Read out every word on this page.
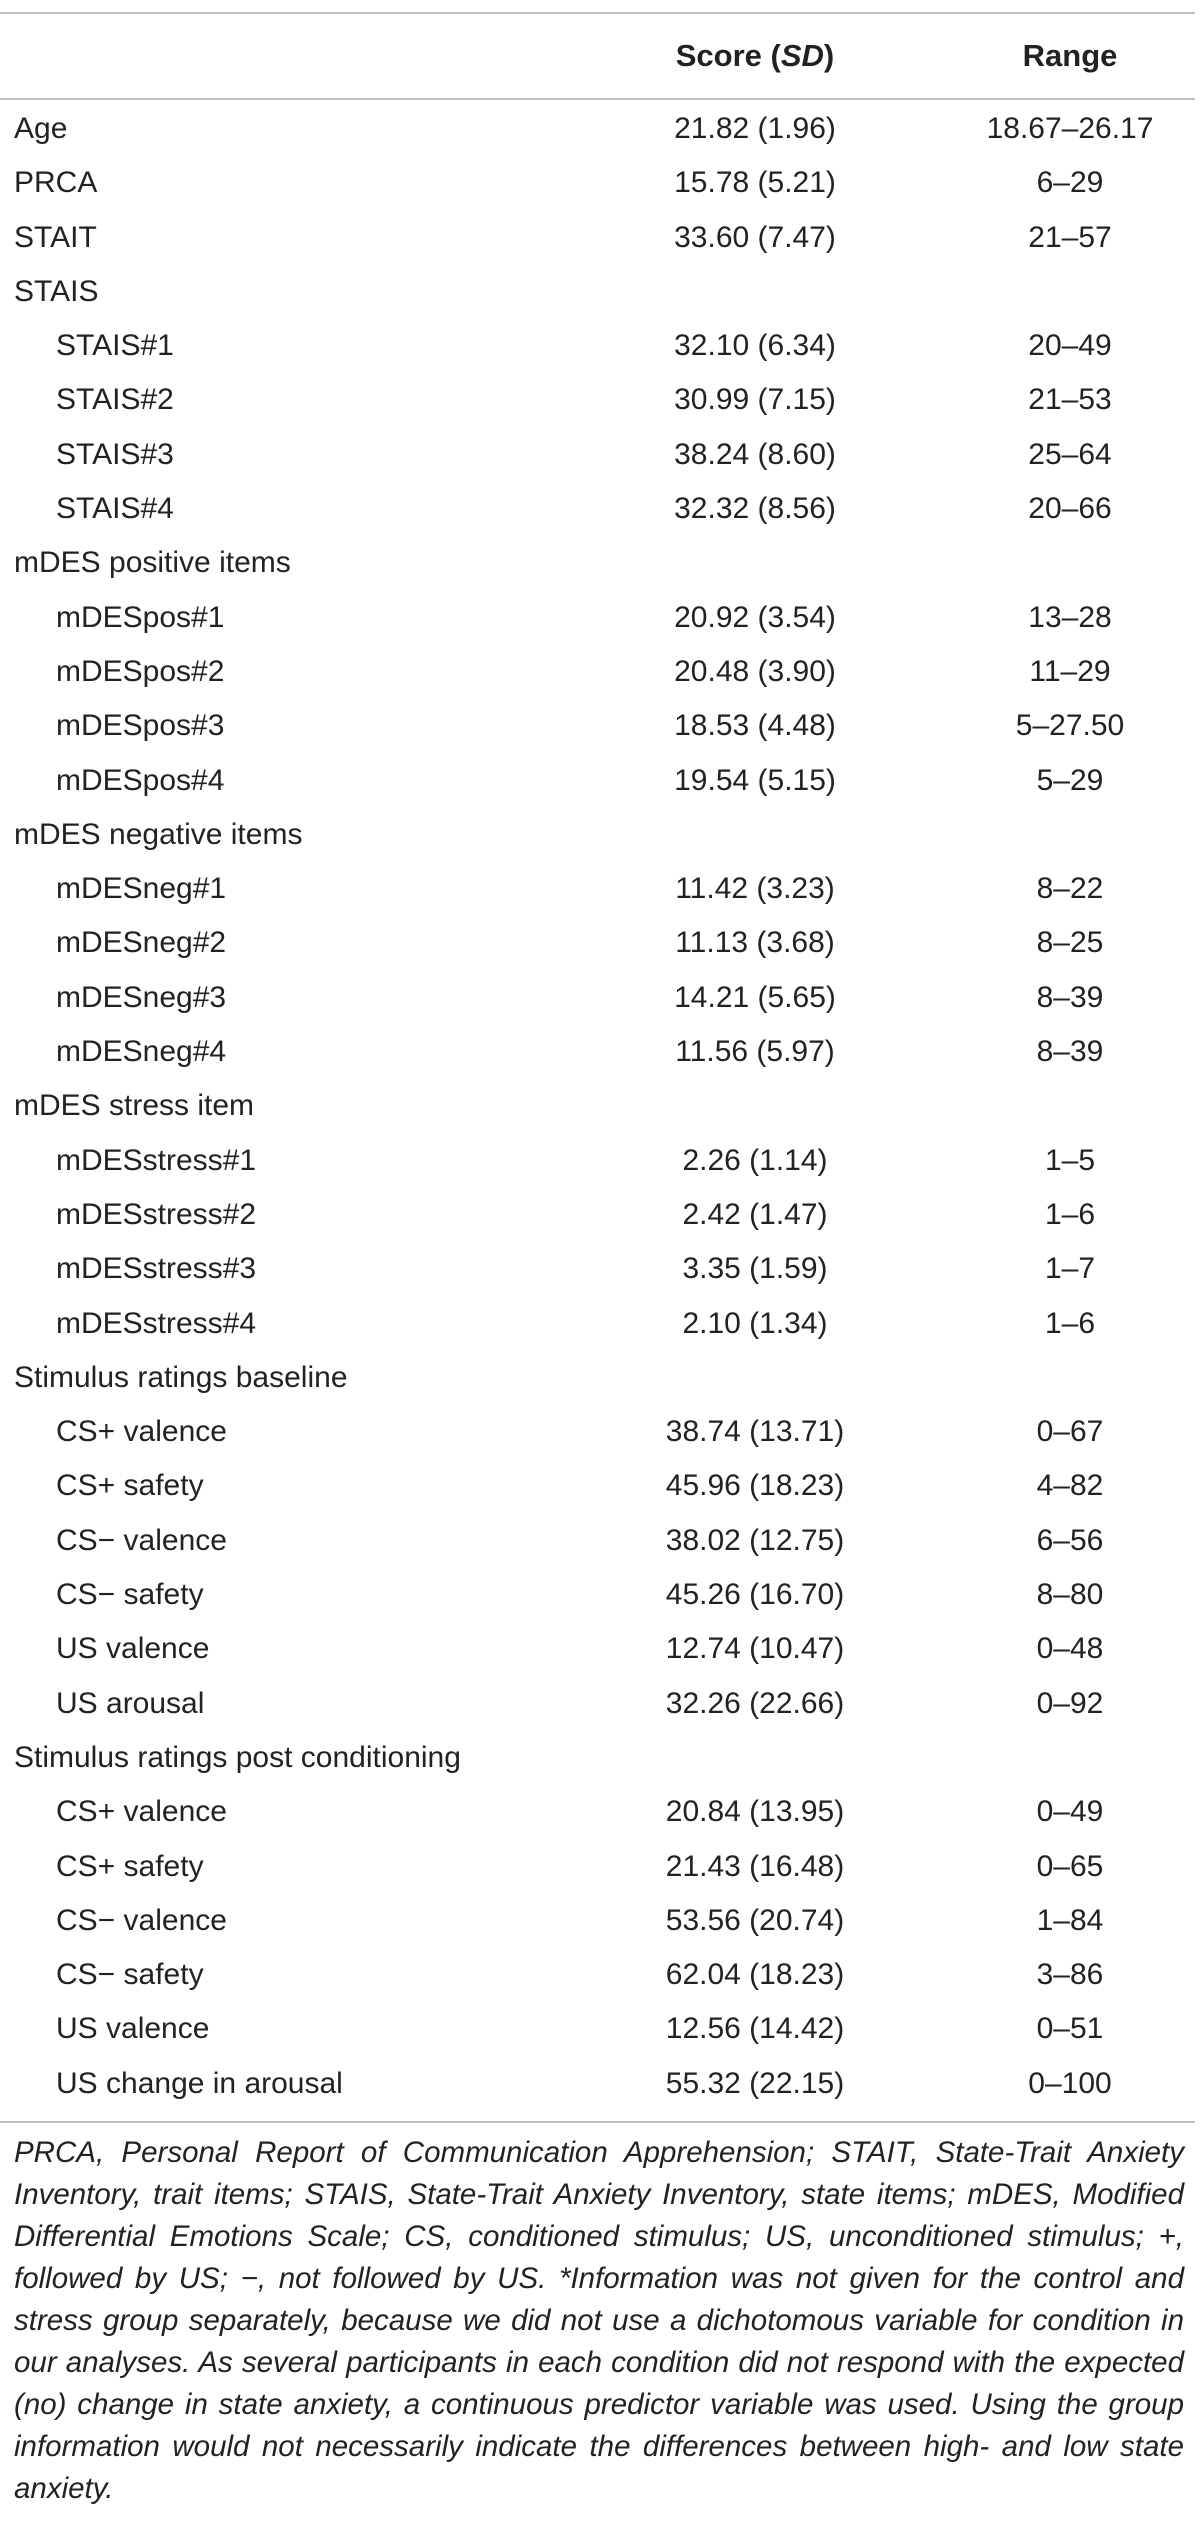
Score (SD)	Range
Age	21.82 (1.96)	18.67–26.17
PRCA	15.78 (5.21)	6–29
STAIT	33.60 (7.47)	21–57
STAIS
STAIS#1	32.10 (6.34)	20–49
STAIS#2	30.99 (7.15)	21–53
STAIS#3	38.24 (8.60)	25–64
STAIS#4	32.32 (8.56)	20–66
mDES positive items
mDESpos#1	20.92 (3.54)	13–28
mDESpos#2	20.48 (3.90)	11–29
mDESpos#3	18.53 (4.48)	5–27.50
mDESpos#4	19.54 (5.15)	5–29
mDES negative items
mDESneg#1	11.42 (3.23)	8–22
mDESneg#2	11.13 (3.68)	8–25
mDESneg#3	14.21 (5.65)	8–39
mDESneg#4	11.56 (5.97)	8–39
mDES stress item
mDESstress#1	2.26 (1.14)	1–5
mDESstress#2	2.42 (1.47)	1–6
mDESstress#3	3.35 (1.59)	1–7
mDESstress#4	2.10 (1.34)	1–6
Stimulus ratings baseline
CS+ valence	38.74 (13.71)	0–67
CS+ safety	45.96 (18.23)	4–82
CS− valence	38.02 (12.75)	6–56
CS− safety	45.26 (16.70)	8–80
US valence	12.74 (10.47)	0–48
US arousal	32.26 (22.66)	0–92
Stimulus ratings post conditioning
CS+ valence	20.84 (13.95)	0–49
CS+ safety	21.43 (16.48)	0–65
CS− valence	53.56 (20.74)	1–84
CS− safety	62.04 (18.23)	3–86
US valence	12.56 (14.42)	0–51
US change in arousal	55.32 (22.15)	0–100
PRCA, Personal Report of Communication Apprehension; STAIT, State-Trait Anxiety Inventory, trait items; STAIS, State-Trait Anxiety Inventory, state items; mDES, Modified Differential Emotions Scale; CS, conditioned stimulus; US, unconditioned stimulus; +, followed by US; −, not followed by US. *Information was not given for the control and stress group separately, because we did not use a dichotomous variable for condition in our analyses. As several participants in each condition did not respond with the expected (no) change in state anxiety, a continuous predictor variable was used. Using the group information would not necessarily indicate the differences between high- and low state anxiety.
